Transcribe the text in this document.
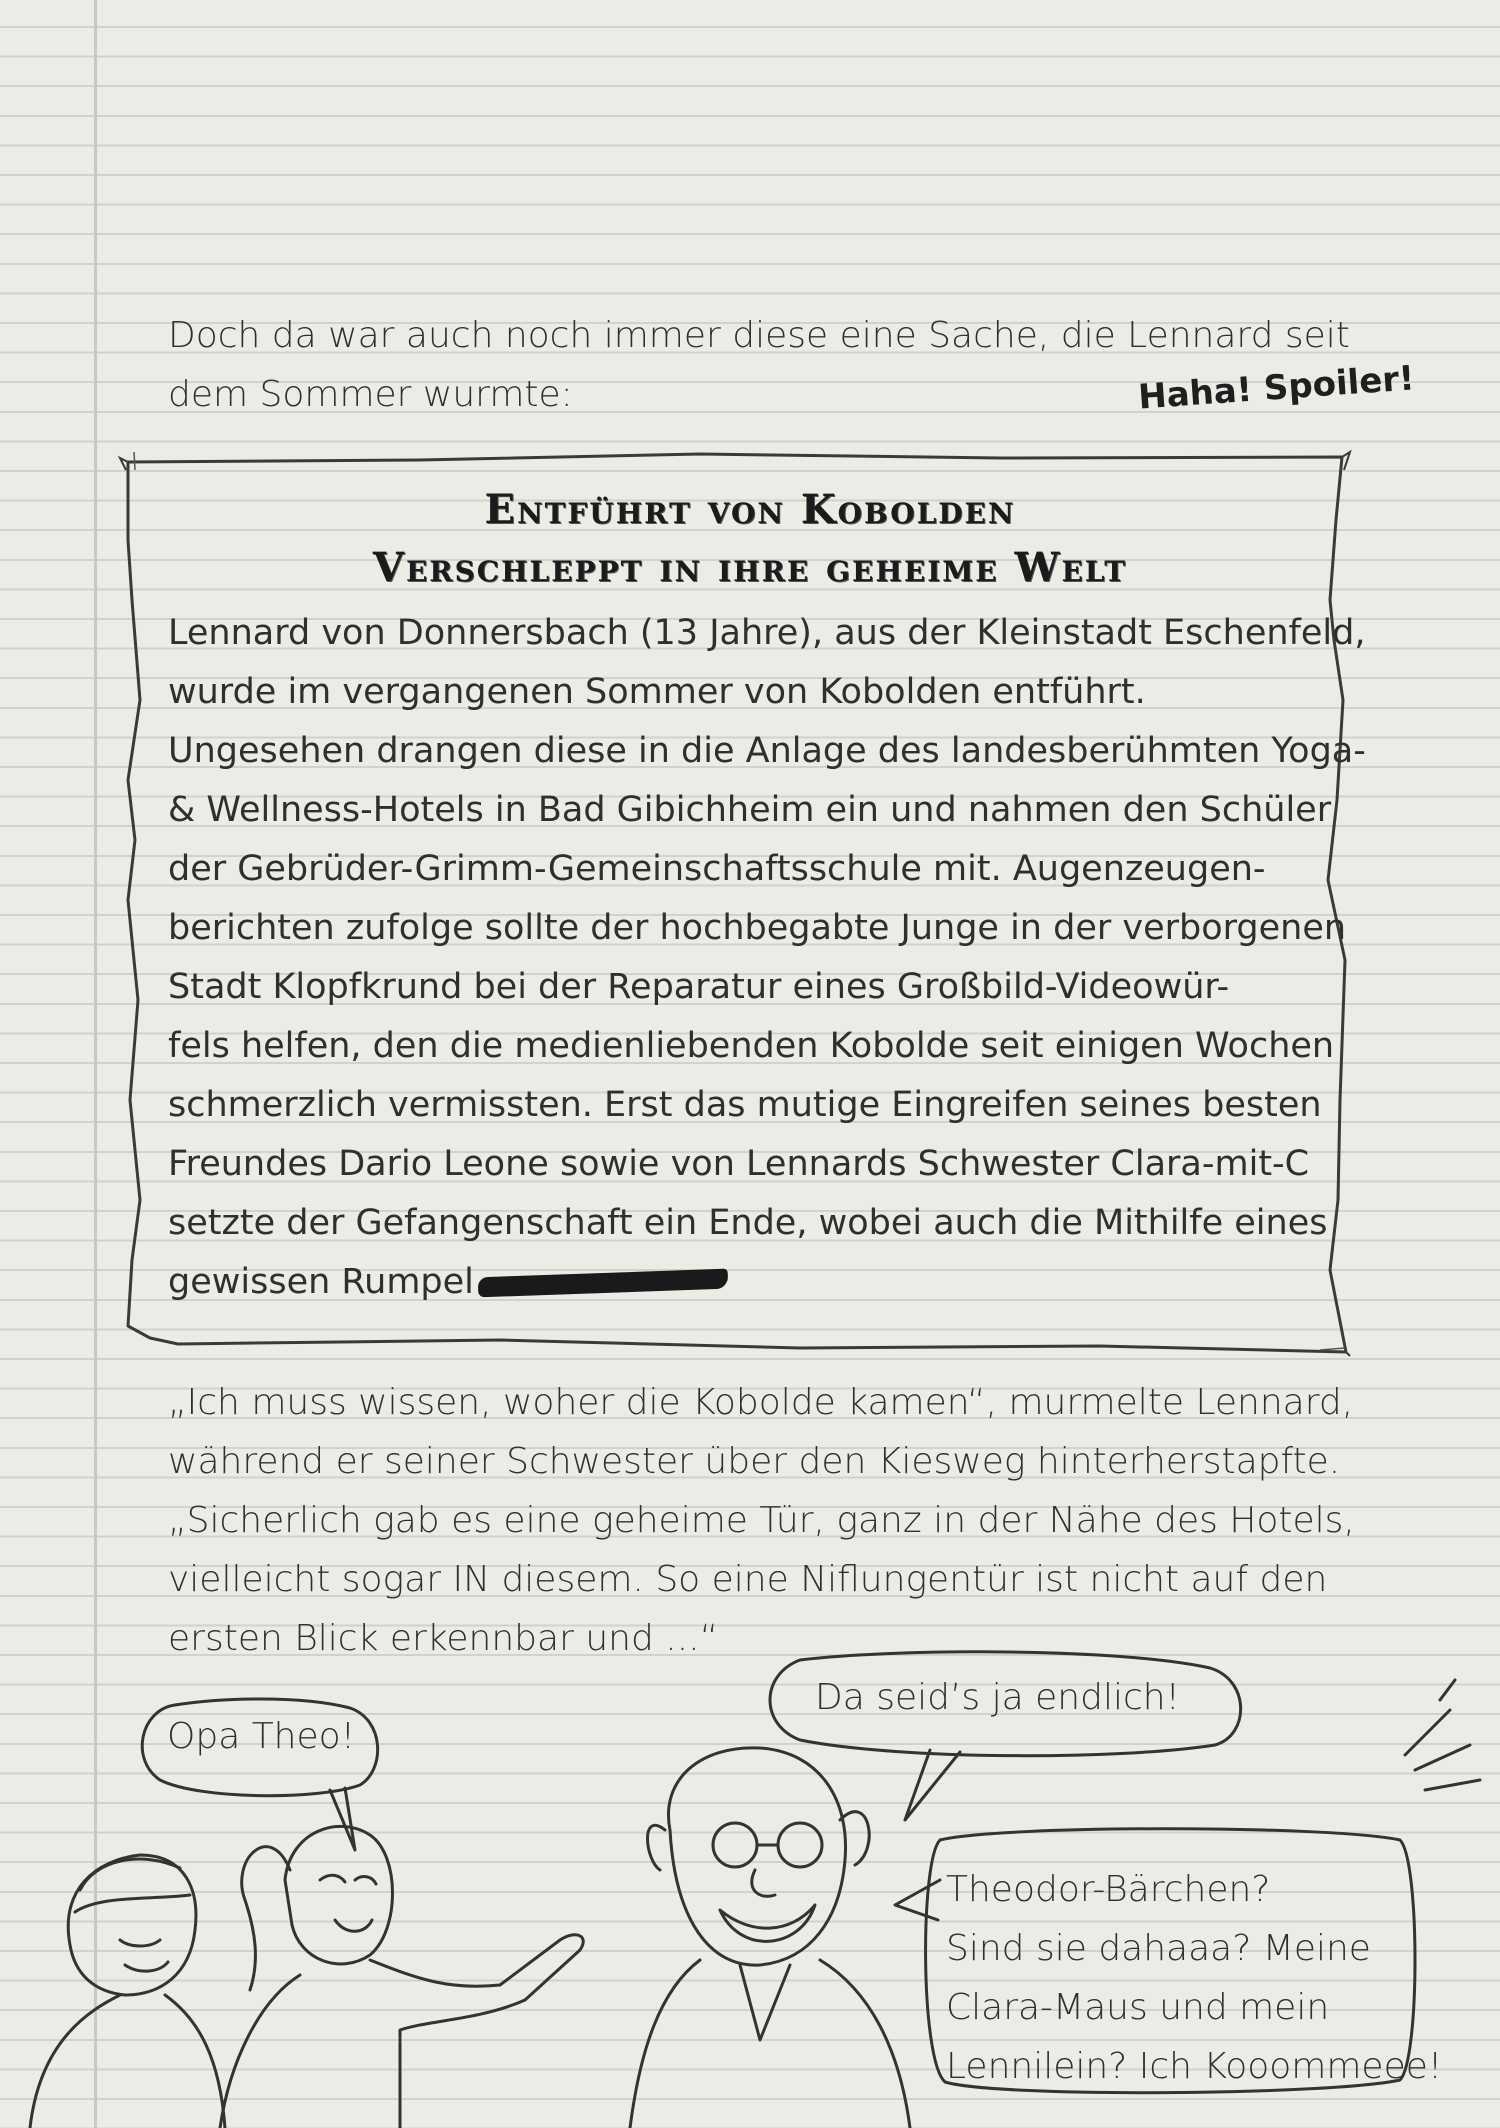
Doch da war auch noch immer diese eine Sache, die Lennard seit
dem Sommer wurmte:	Haha! Spoiler!
Entführt von Kobolden
Verschleppt in ihre geheime Welt
Lennard von Donnersbach (13 Jahre), aus der Kleinstadt Eschenfeld,
wurde im vergangenen Sommer von Kobolden entführt.
Ungesehen drangen diese in die Anlage des landesberühmten Yoga-
& Wellness-Hotels in Bad Gibichheim ein und nahmen den Schüler
der Gebrüder-Grimm-Gemeinschaftsschule mit. Augenzeugen-
berichten zufolge sollte der hochbegabte Junge in der verborgenen
Stadt Klopfkrund bei der Reparatur eines Großbild-Videowür-
fels helfen, den die medienliebenden Kobolde seit einigen Wochen
schmerzlich vermissten. Erst das mutige Eingreifen seines besten
Freundes Dario Leone sowie von Lennards Schwester Clara-mit-C
setzte der Gefangenschaft ein Ende, wobei auch die Mithilfe eines
gewissen Rumpel
„Ich muss wissen, woher die Kobolde kamen“, murmelte Lennard,
während er seiner Schwester über den Kiesweg hinterherstapfte.
„Sicherlich gab es eine geheime Tür, ganz in der Nähe des Hotels,
vielleicht sogar IN diesem. So eine Niflungentür ist nicht auf den
ersten Blick erkennbar und ...“
Opa Theo!
Da seid’s ja endlich!
Theodor-Bärchen?
Sind sie dahaaa? Meine
Clara-Maus und mein
Lennilein? Ich Kooommeee!
